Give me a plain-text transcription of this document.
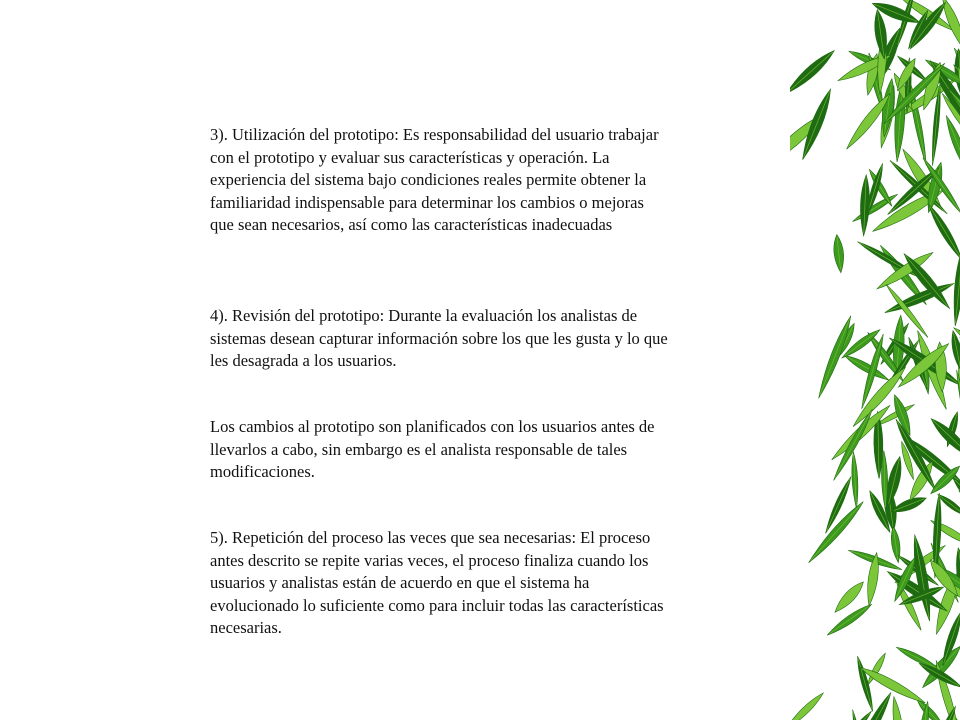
3). Utilización del prototipo: Es responsabilidad del usuario trabajar con el prototipo y evaluar sus características y operación. La experiencia del sistema bajo condiciones reales permite obtener la familiaridad indispensable para determinar los cambios o mejoras que sean necesarios, así como las características inadecuadas

4). Revisión del prototipo: Durante la evaluación los analistas de sistemas desean capturar información sobre los que les gusta y lo que les desagrada a los usuarios.

Los cambios al prototipo son planificados con los usuarios antes de llevarlos a cabo, sin embargo es el analista responsable de tales modificaciones.

5). Repetición del proceso las veces que sea necesarias: El proceso antes descrito se repite varias veces, el proceso finaliza cuando los usuarios y analistas están de acuerdo en que el sistema ha evolucionado lo suficiente como para incluir todas las características necesarias.
